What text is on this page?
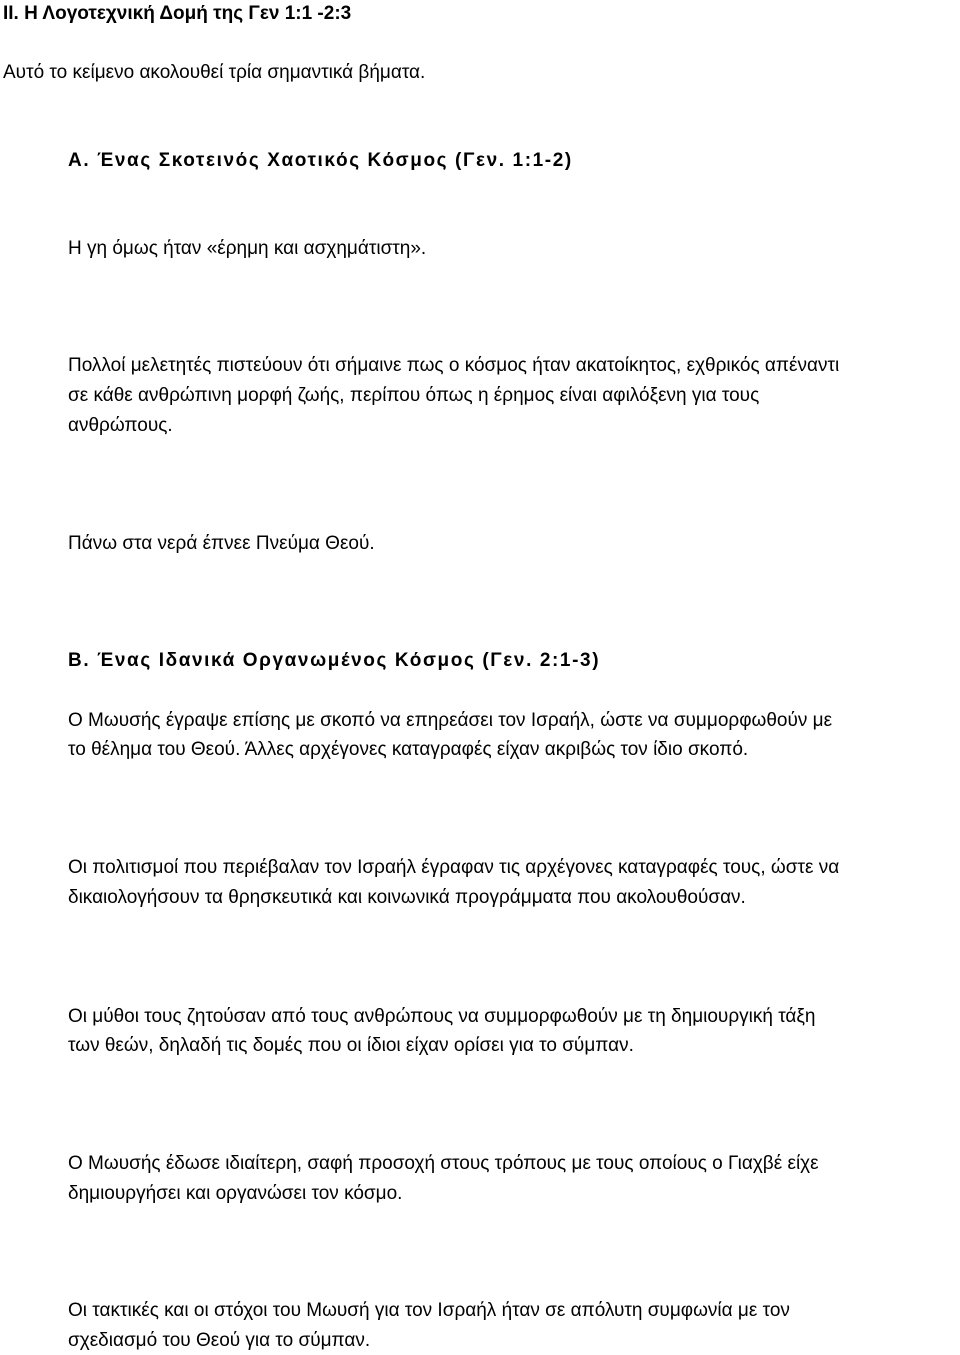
II. Η Λογοτεχνική Δομή της Γεν 1:1 -2:3

Αυτό το κείμενο ακολουθεί τρία σημαντικά βήματα.

Α. Ένας Σκοτεινός Χαοτικός Κόσμος (Γεν. 1:1-2)

Η γη όμως ήταν «έρημη και ασχημάτιστη».

Πολλοί μελετητές πιστεύουν ότι σήμαινε πως ο κόσμος ήταν ακατοίκητος, εχθρικός απέναντι

σε κάθε ανθρώπινη μορφή ζωής, περίπου όπως η έρημος είναι αφιλόξενη για τους

ανθρώπους.

Πάνω στα νερά έπνεε Πνεύμα Θεού.

Β. Ένας Ιδανικά Οργανωμένος Κόσμος (Γεν. 2:1-3)

Ο Μωυσής έγραψε επίσης με σκοπό να επηρεάσει τον Ισραήλ, ώστε να συμμορφωθούν με

το θέλημα του Θεού. Άλλες αρχέγονες καταγραφές είχαν ακριβώς τον ίδιο σκοπό.

Οι πολιτισμοί που περιέβαλαν τον Ισραήλ έγραφαν τις αρχέγονες καταγραφές τους, ώστε να

δικαιολογήσουν τα θρησκευτικά και κοινωνικά προγράμματα που ακολουθούσαν.

Οι μύθοι τους ζητούσαν από τους ανθρώπους να συμμορφωθούν με τη δημιουργική τάξη

των θεών, δηλαδή τις δομές που οι ίδιοι είχαν ορίσει για το σύμπαν.

Ο Μωυσής έδωσε ιδιαίτερη, σαφή προσοχή στους τρόπους με τους οποίους ο Γιαχβέ είχε

δημιουργήσει και οργανώσει τον κόσμο.

Οι τακτικές και οι στόχοι του Μωυσή για τον Ισραήλ ήταν σε απόλυτη συμφωνία με τον

σχεδιασμό του Θεού για το σύμπαν.
